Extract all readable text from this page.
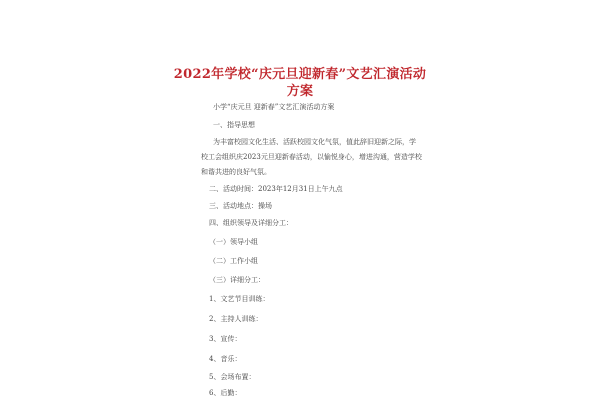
2022年学校“庆元旦迎新春”文艺汇演活动
方案
小学“庆元旦 迎新春”文艺汇演活动方案
一、指导思想
为丰富校园文化生活、活跃校园文化气氛，值此辞旧迎新之际，学
校工会组织庆2023元旦迎新春活动，以愉悦身心，增进沟通，营造学校
和谐共进的良好气氛。
二、活动时间：2023年12月31日上午九点
三、活动地点：操场
四、组织领导及详细分工：
（一）领导小组
（二）工作小组
（三）详细分工：
1、文艺节目训练：
2、主持人训练：
3、宣传：
4、音乐：
5、会场布置：
6、后勤：
